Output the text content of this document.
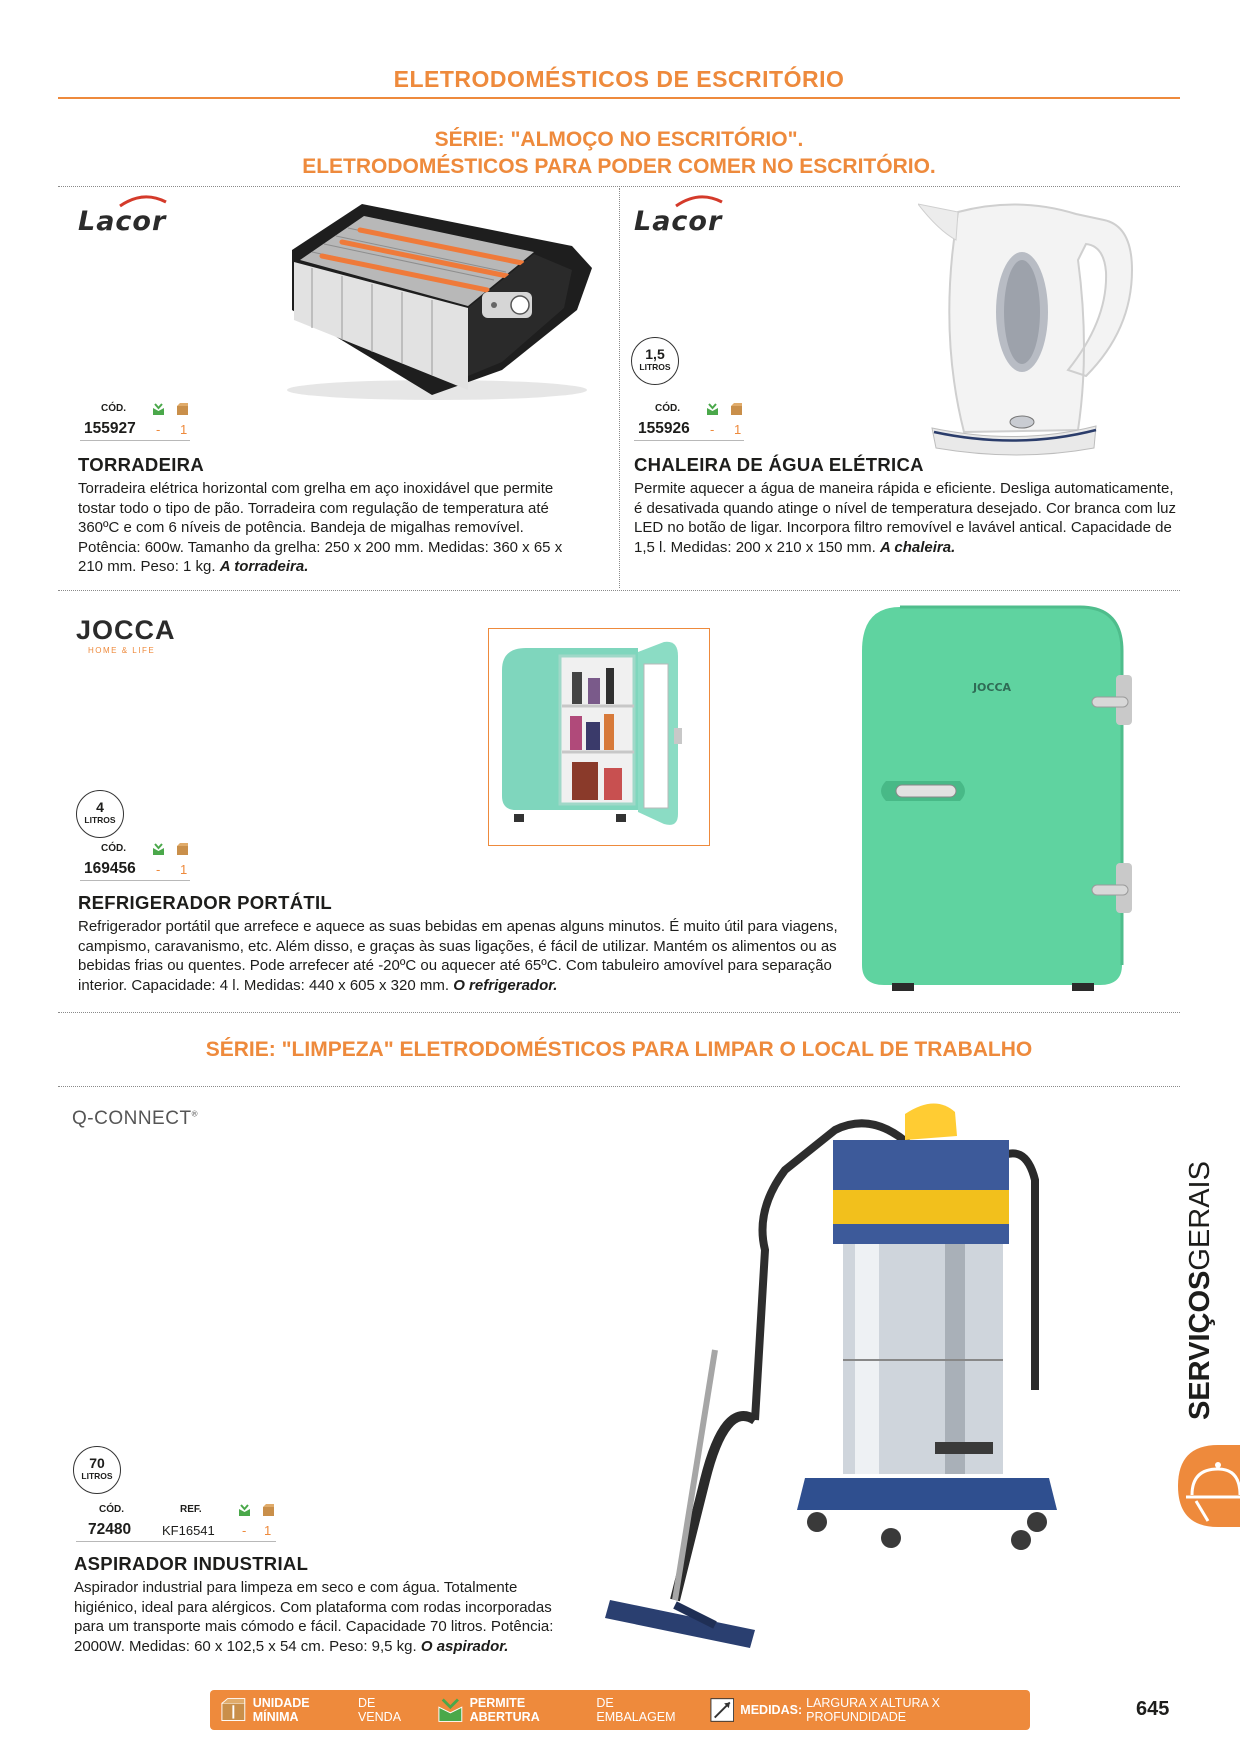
ELETRODOMÉSTICOS DE ESCRITÓRIO
SÉRIE: "ALMOÇO NO ESCRITÓRIO".
ELETRODOMÉSTICOS PARA PODER COMER NO ESCRITÓRIO.
Lacor
CÓD.
155927 - 1
TORRADEIRA
Torradeira elétrica horizontal com grelha em aço inoxidável que permite tostar todo o tipo de pão. Torradeira com regulação de temperatura até 360ºC e com 6 níveis de potência. Bandeja de migalhas removível. Potência: 600w. Tamanho da grelha: 250 x 200 mm. Medidas: 360 x 65 x 210 mm. Peso: 1 kg. A torradeira.
Lacor
1,5
LITROS
CÓD.
155926 - 1
CHALEIRA DE ÁGUA ELÉTRICA
Permite aquecer a água de maneira rápida e eficiente. Desliga automaticamente, é desativada quando atinge o nível de temperatura desejado. Cor branca com luz LED no botão de ligar. Incorpora filtro removível e lavável antical. Capacidade de 1,5 l. Medidas: 200 x 210 x 150 mm. A chaleira.
JOCCA
HOME & LIFE
JOCCA
4
LITROS
CÓD.
169456 - 1
REFRIGERADOR PORTÁTIL
Refrigerador portátil que arrefece e aquece as suas bebidas em apenas alguns minutos. É muito útil para viagens, campismo, caravanismo, etc. Além disso, e graças às suas ligações, é fácil de utilizar. Mantém os alimentos ou as bebidas frias ou quentes. Pode arrefecer até -20ºC ou aquecer até 65ºC. Com tabuleiro amovível para separação interior. Capacidade: 4 l. Medidas: 440 x 605 x 320 mm. O refrigerador.
SÉRIE: "LIMPEZA" ELETRODOMÉSTICOS PARA LIMPAR O LOCAL DE TRABALHO
Q-CONNECT®
70
LITROS
CÓD.	REF.
72480 KF16541 - 1
ASPIRADOR INDUSTRIAL
Aspirador industrial para limpeza em seco e com água. Totalmente higiénico, ideal para alérgicos. Com plataforma com rodas incorporadas para um transporte mais cómodo e fácil. Capacidade 70 litros. Potência: 2000W. Medidas: 60 x 102,5 x 54 cm. Peso: 9,5 kg. O aspirador.
SERVIÇOSGERAIS
UNIDADE MÍNIMA
DE VENDA
PERMITE ABERTURA
DE EMBALAGEM	MEDIDAS: LARGURA X ALTURA X PROFUNDIDADE	645
